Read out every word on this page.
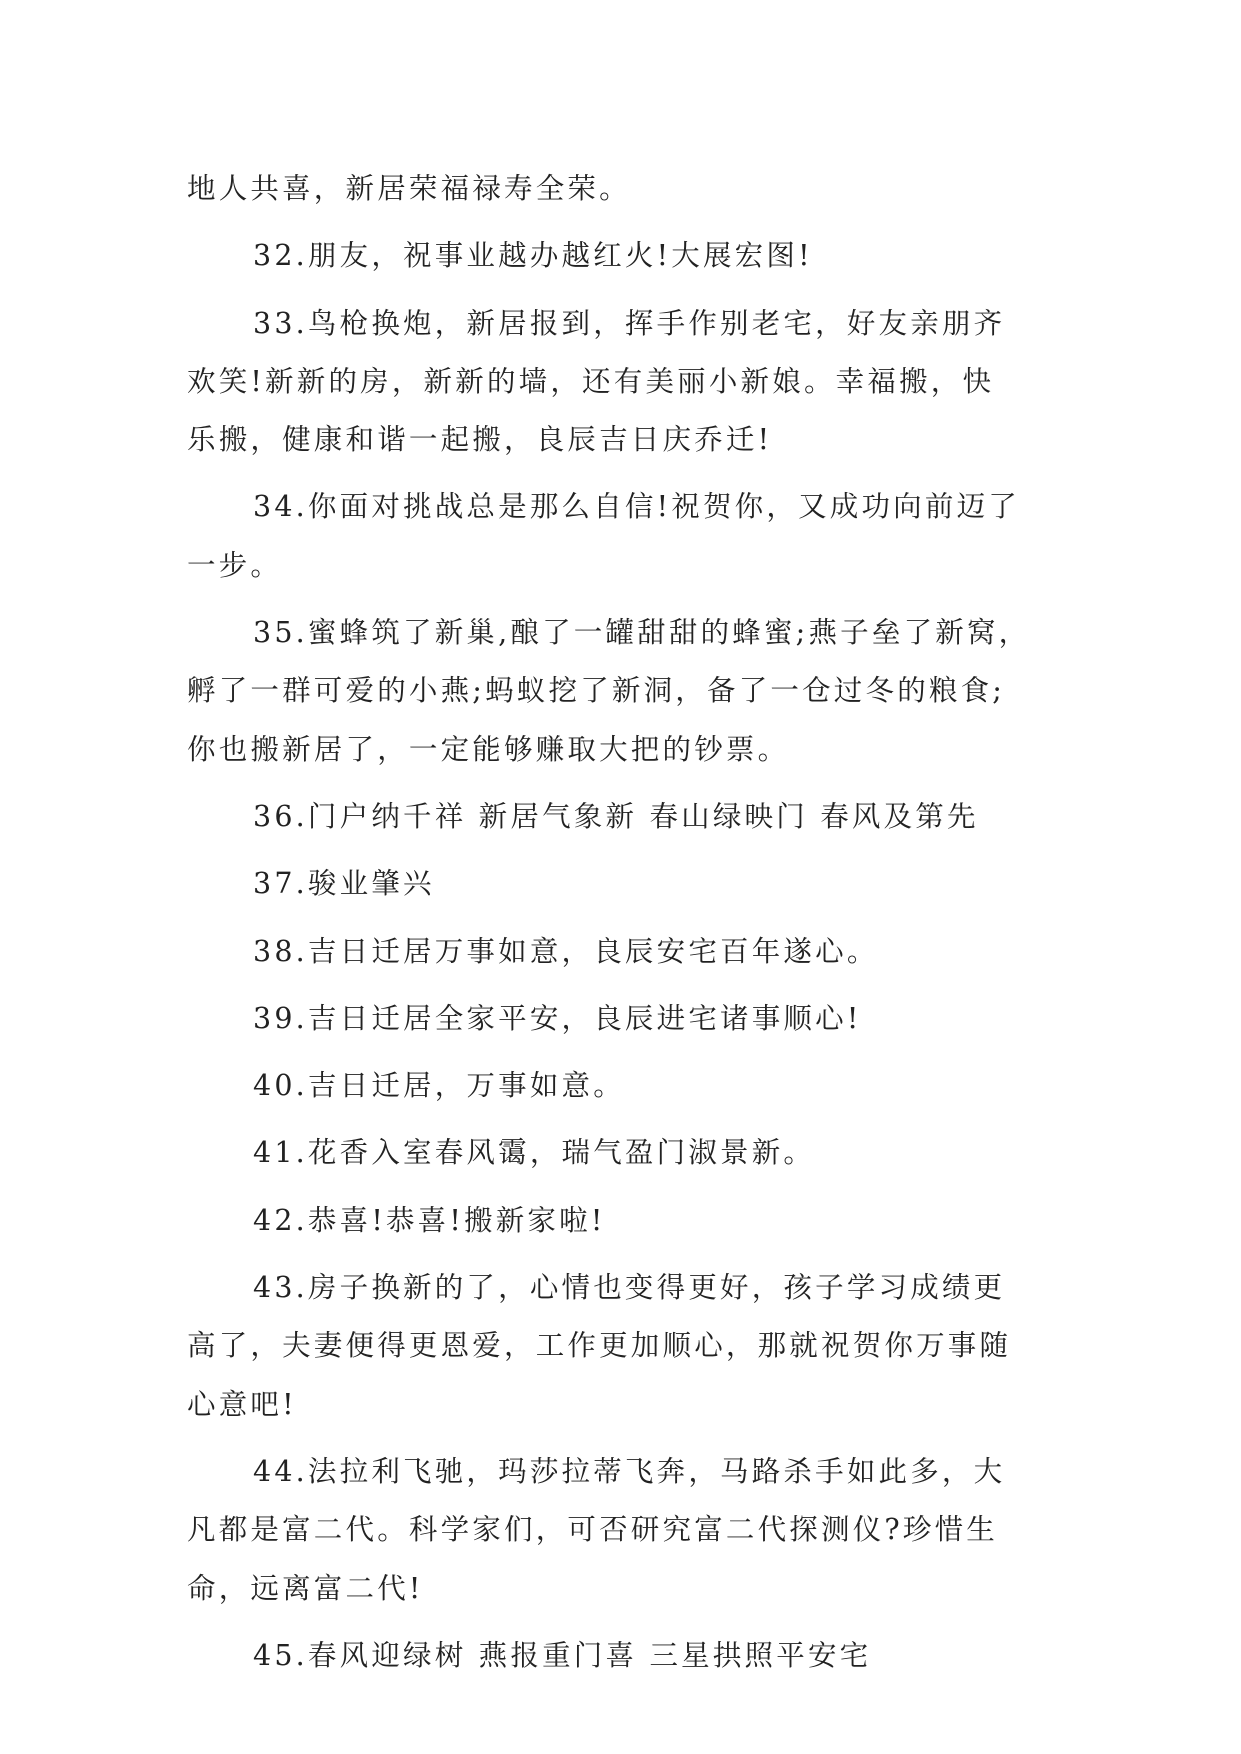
地人共喜，新居荣福禄寿全荣。
32.朋友，祝事业越办越红火!大展宏图!
33.鸟枪换炮，新居报到，挥手作别老宅，好友亲朋齐
欢笑!新新的房，新新的墙，还有美丽小新娘。幸福搬，快
乐搬，健康和谐一起搬，良辰吉日庆乔迁!
34.你面对挑战总是那么自信!祝贺你，又成功向前迈了
一步。
35.蜜蜂筑了新巢,酿了一罐甜甜的蜂蜜;燕子垒了新窝，
孵了一群可爱的小燕;蚂蚁挖了新洞，备了一仓过冬的粮食;
你也搬新居了，一定能够赚取大把的钞票。
36.门户纳千祥 新居气象新 春山绿映门 春风及第先
37.骏业肇兴
38.吉日迁居万事如意，良辰安宅百年遂心。
39.吉日迁居全家平安，良辰进宅诸事顺心!
40.吉日迁居，万事如意。
41.花香入室春风霭，瑞气盈门淑景新。
42.恭喜!恭喜!搬新家啦!
43.房子换新的了，心情也变得更好，孩子学习成绩更
高了，夫妻便得更恩爱，工作更加顺心，那就祝贺你万事随
心意吧!
44.法拉利飞驰，玛莎拉蒂飞奔，马路杀手如此多，大
凡都是富二代。科学家们，可否研究富二代探测仪?珍惜生
命，远离富二代!
45.春风迎绿树 燕报重门喜 三星拱照平安宅
